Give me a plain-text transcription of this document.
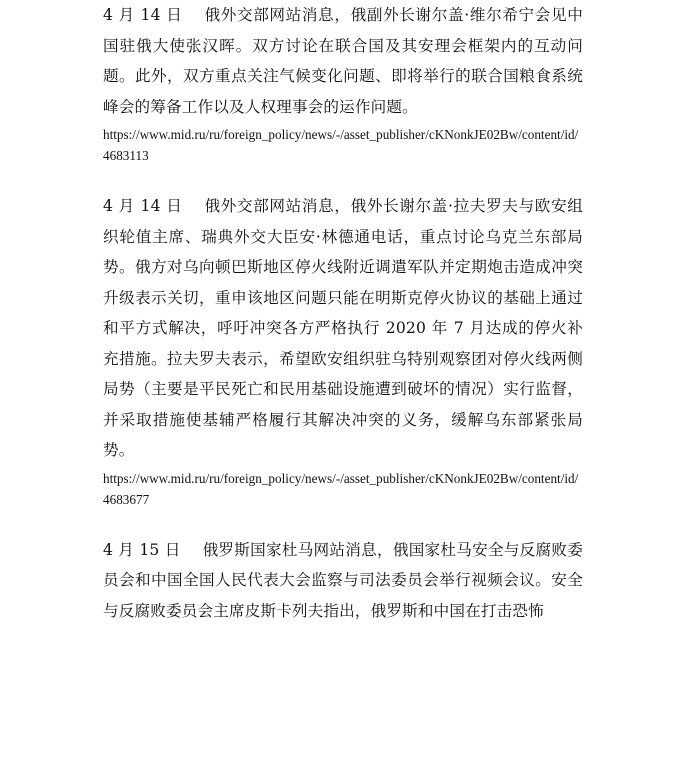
4 月 14 日 俄外交部网站消息，俄副外长谢尔盖·维尔希宁会见中国驻俄大使张汉晖。双方讨论在联合国及其安理会框架内的互动问题。此外，双方重点关注气候变化问题、即将举行的联合国粮食系统峰会的筹备工作以及人权理事会的运作问题。

https://www.mid.ru/ru/foreign_policy/news/-/asset_publisher/cKNonkJE02Bw/content/id/4683113

4 月 14 日 俄外交部网站消息，俄外长谢尔盖·拉夫罗夫与欧安组织轮值主席、瑞典外交大臣安·林德通电话，重点讨论乌克兰东部局势。俄方对乌向顿巴斯地区停火线附近调遣军队并定期炮击造成冲突升级表示关切，重申该地区问题只能在明斯克停火协议的基础上通过和平方式解决，呼吁冲突各方严格执行 2020 年 7 月达成的停火补充措施。拉夫罗夫表示，希望欧安组织驻乌特别观察团对停火线两侧局势（主要是平民死亡和民用基础设施遭到破坏的情况）实行监督，并采取措施使基辅严格履行其解决冲突的义务，缓解乌东部紧张局势。

https://www.mid.ru/ru/foreign_policy/news/-/asset_publisher/cKNonkJE02Bw/content/id/4683677

4 月 15 日 俄罗斯国家杜马网站消息，俄国家杜马安全与反腐败委员会和中国全国人民代表大会监察与司法委员会举行视频会议。安全与反腐败委员会主席皮斯卡列夫指出，俄罗斯和中国在打击恐怖
